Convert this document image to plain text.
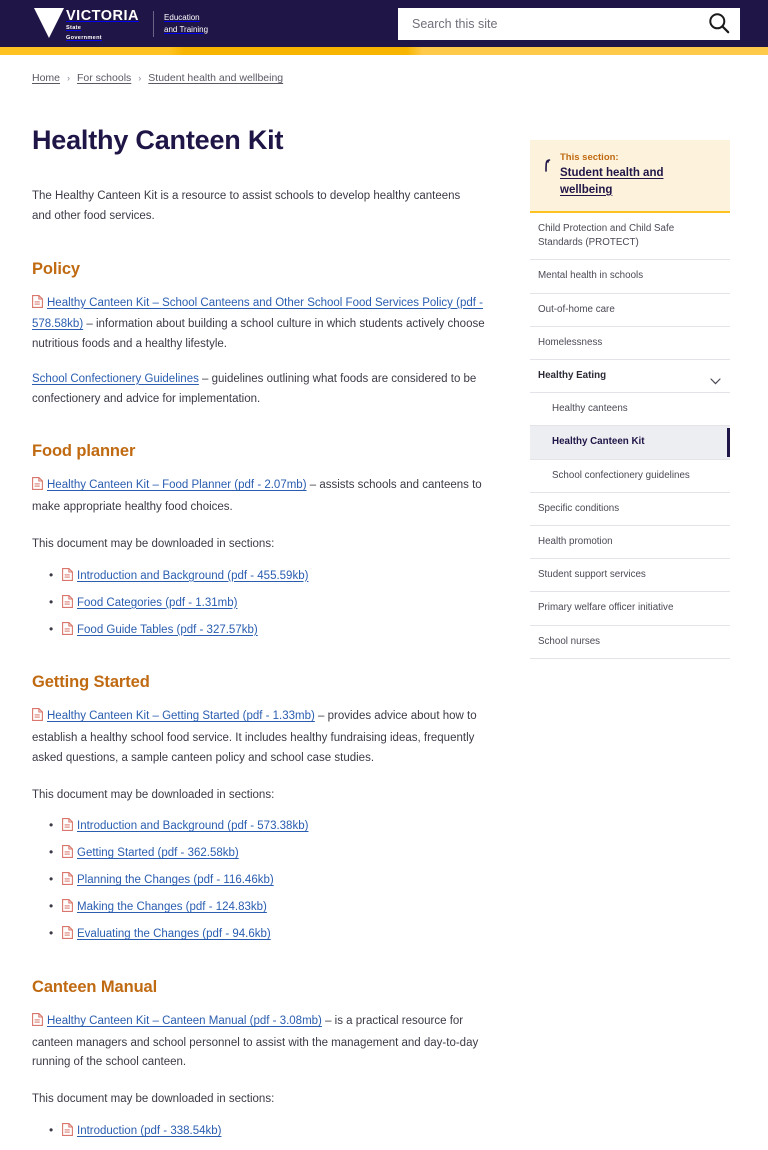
VICTORIA
State
Government
Education
and Training
Search this site
Home › For schools › Student health and wellbeing
Healthy Canteen Kit

The Healthy Canteen Kit is a resource to assist schools to develop healthy canteens and other food services.

Policy

Healthy Canteen Kit – School Canteens and Other School Food Services Policy (pdf - 578.58kb) – information about building a school culture in which students actively choose nutritious foods and a healthy lifestyle.

School Confectionery Guidelines – guidelines outlining what foods are considered to be confectionery and advice for implementation.

Food planner

Healthy Canteen Kit – Food Planner (pdf - 2.07mb) – assists schools and canteens to make appropriate healthy food choices.

This document may be downloaded in sections:

• Introduction and Background (pdf - 455.59kb)
• Food Categories (pdf - 1.31mb)
• Food Guide Tables (pdf - 327.57kb)
Getting Started

Healthy Canteen Kit – Getting Started (pdf - 1.33mb) – provides advice about how to establish a healthy school food service. It includes healthy fundraising ideas, frequently asked questions, a sample canteen policy and school case studies.

This document may be downloaded in sections:

• Introduction and Background (pdf - 573.38kb)
• Getting Started (pdf - 362.58kb)
• Planning the Changes (pdf - 116.46kb)
• Making the Changes (pdf - 124.83kb)
• Evaluating the Changes (pdf - 94.6kb)
Canteen Manual

Healthy Canteen Kit – Canteen Manual (pdf - 3.08mb) – is a practical resource for canteen managers and school personnel to assist with the management and day-to-day running of the school canteen.

This document may be downloaded in sections:

• Introduction (pdf - 338.54kb)
This section:
Student health and wellbeing
Child Protection and Child Safe Standards (PROTECT)
Mental health in schools
Out-of-home care
Homelessness
Healthy Eating
Healthy canteens
Healthy Canteen Kit
School confectionery guidelines
Specific conditions
Health promotion
Student support services
Primary welfare officer initiative
School nurses
